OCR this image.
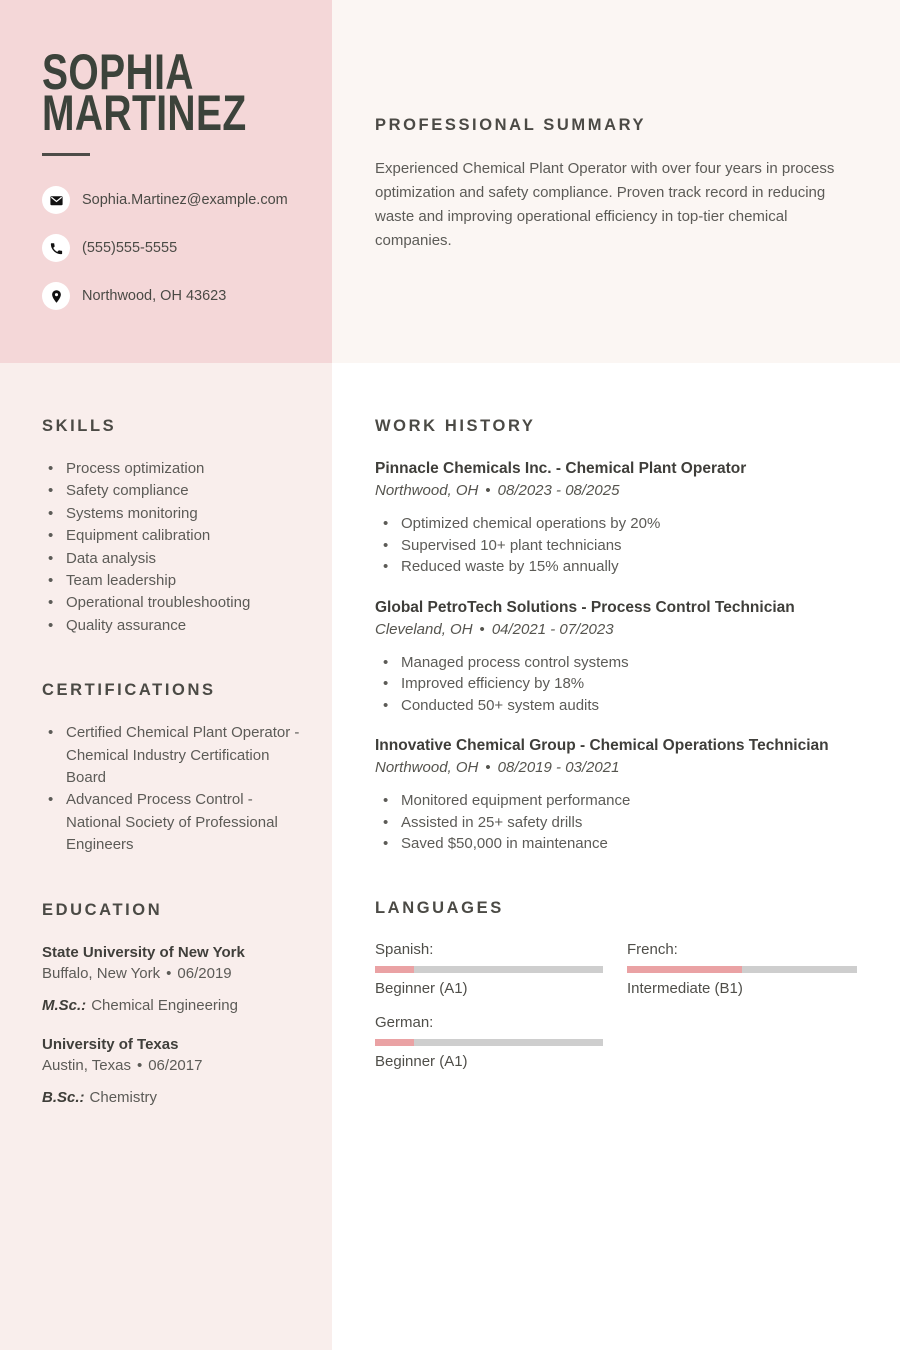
SOPHIA
MARTINEZ
Sophia.Martinez@example.com
(555)555-5555
Northwood, OH 43623
SKILLS
• Process optimization
• Safety compliance
• Systems monitoring
• Equipment calibration
• Data analysis
• Team leadership
• Operational troubleshooting
• Quality assurance
CERTIFICATIONS
• Certified Chemical Plant Operator - Chemical Industry Certification Board
• Advanced Process Control - National Society of Professional Engineers
EDUCATION
State University of New York
Buffalo, New York • 06/2019
M.Sc.: Chemical Engineering
University of Texas
Austin, Texas • 06/2017
B.Sc.: Chemistry
PROFESSIONAL SUMMARY

Experienced Chemical Plant Operator with over four years in process optimization and safety compliance. Proven track record in reducing waste and improving operational efficiency in top-tier chemical companies.

WORK HISTORY
Pinnacle Chemicals Inc. - Chemical Plant Operator
Northwood, OH • 08/2023 - 08/2025
• Optimized chemical operations by 20%
• Supervised 10+ plant technicians
• Reduced waste by 15% annually
Global PetroTech Solutions - Process Control Technician
Cleveland, OH • 04/2021 - 07/2023
• Managed process control systems
• Improved efficiency by 18%
• Conducted 50+ system audits
Innovative Chemical Group - Chemical Operations Technician
Northwood, OH • 08/2019 - 03/2021
• Monitored equipment performance
• Assisted in 25+ safety drills
• Saved $50,000 in maintenance
LANGUAGES
Spanish:
Beginner (A1)
French:
Intermediate (B1)
German:
Beginner (A1)
